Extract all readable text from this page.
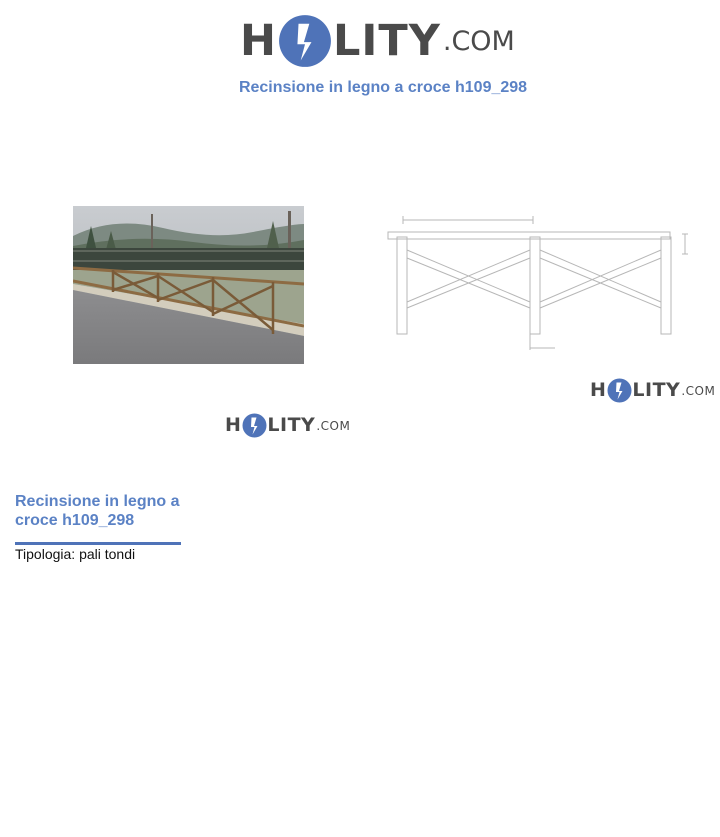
H LITY .COM
Recinsione in legno a croce h109_298
H LITY .COM
H LITY .COM
Recinsione in legno a croce h109_298
Tipologia: pali tondi
